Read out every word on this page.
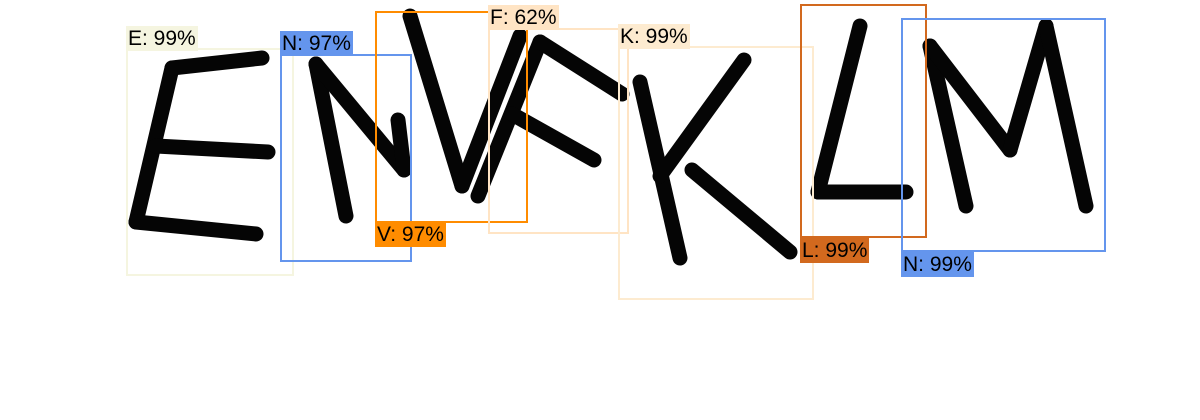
E: 99%	N: 97%
V: 97%
F: 62%
K: 99%
L: 99%
N: 99%
